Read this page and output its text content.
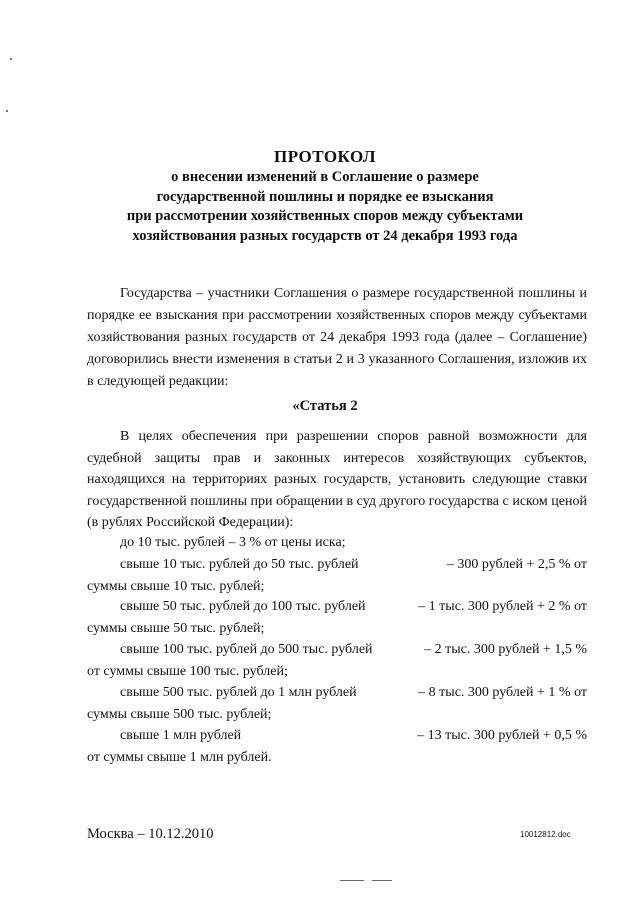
ПРОТОКОЛ
о внесении изменений в Соглашение о размере
государственной пошлины и порядке ее взыскания
при рассмотрении хозяйственных споров между субъектами
хозяйствования разных государств от 24 декабря 1993 года
Государства – участники Соглашения о размере государственной пошлины и порядке ее взыскания при рассмотрении хозяйственных споров между субъектами хозяйствования разных государств от 24 декабря 1993 года (далее – Соглашение) договорились внести изменения в статьи 2 и 3 указанного Соглашения, изложив их в следующей редакции:
«Статья 2
В целях обеспечения при разрешении споров равной возможности для судебной защиты прав и законных интересов хозяйствующих субъектов, находящихся на территориях разных государств, установить следующие ставки государственной пошлины при обращении в суд другого государства с иском ценой (в рублях Российской Федерации):
до 10 тыс. рублей – 3 % от цены иска;
свыше 10 тыс. рублей до 50 тыс. рублей	– 300 рублей + 2,5 % от
суммы свыше 10 тыс. рублей;
свыше 50 тыс. рублей до 100 тыс. рублей	– 1 тыс. 300 рублей + 2 % от
суммы свыше 50 тыс. рублей;
свыше 100 тыс. рублей до 500 тыс. рублей	– 2 тыс. 300 рублей + 1,5 %
от суммы свыше 100 тыс. рублей;
свыше 500 тыс. рублей до 1 млн рублей	– 8 тыс. 300 рублей + 1 % от
суммы свыше 500 тыс. рублей;
свыше 1 млн рублей	– 13 тыс. 300 рублей + 0,5 %
от суммы свыше 1 млн рублей.
Москва – 10.12.2010	10012812.doc
